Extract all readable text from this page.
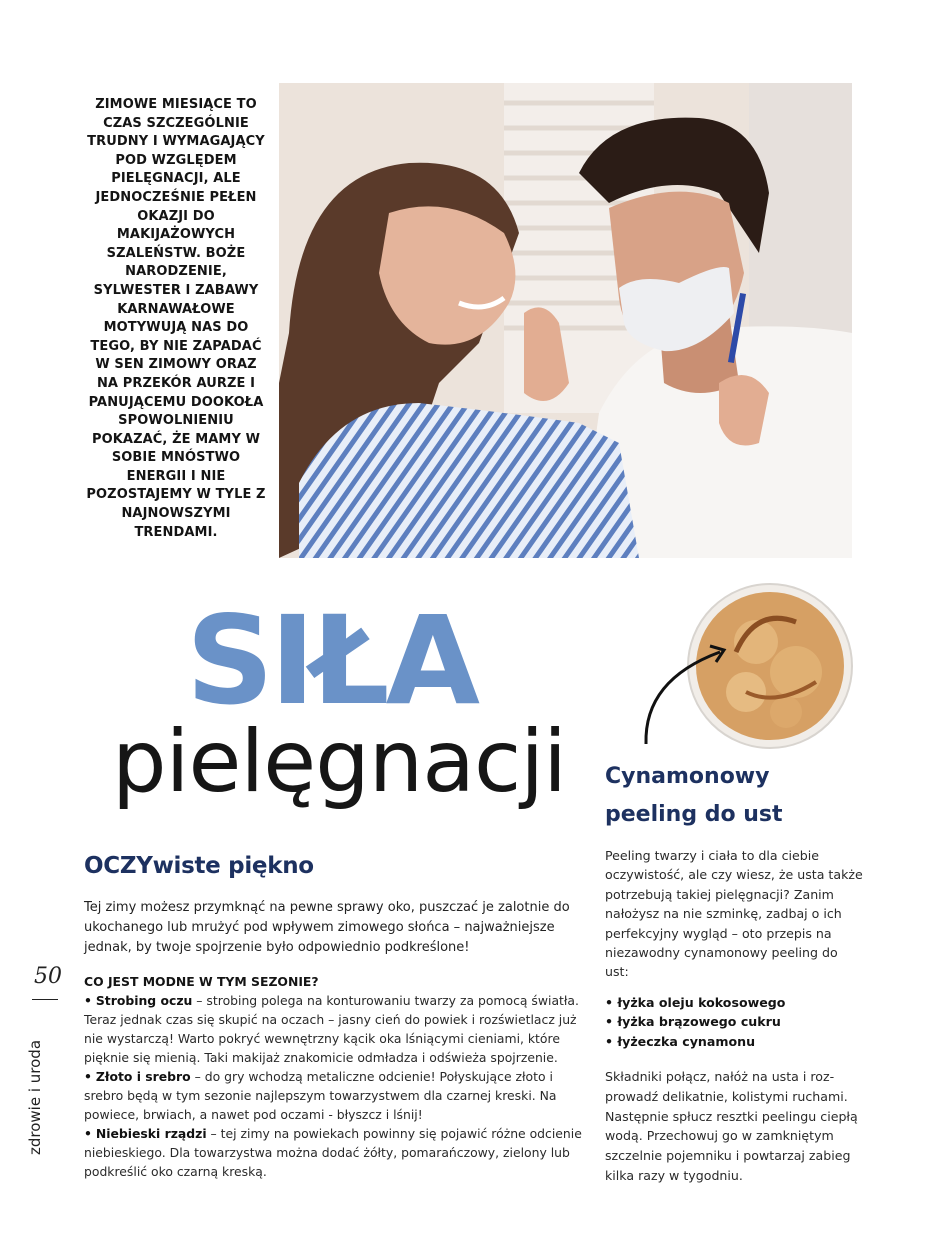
ZIMOWE MIESIĄCE TO CZAS SZCZEGÓLNIE TRUDNY I WYMAGAJĄCY POD WZGLĘDEM PIELĘGNACJI, ALE JEDNOCZEŚNIE PEŁEN OKAZJI DO MAKIJAŻOWYCH SZALEŃSTW. BOŻE NARODZENIE, SYLWESTER I ZABAWY KARNAWAŁOWE MOTYWUJĄ NAS DO TEGO, BY NIE ZAPADAĆ W SEN ZIMOWY ORAZ NA PRZEKÓR AURZE I PANUJĄCEMU DOOKOŁA SPOWOLNIENIU POKAZAĆ, ŻE MAMY W SOBIE MNÓSTWO ENERGII I NIE POZOSTAJEMY W TYLE Z NAJNOWSZYMI TRENDAMI.
SIŁA
pielęgnacji Cynamonowy
peeling do ust
Peeling twarzy i ciała to dla ciebie oczywistość, ale czy wiesz, że usta także potrzebują takiej pielęgnacji? Zanim nałożysz na nie szminkę, zadbaj o ich perfekcyjny wygląd – oto przepis na niezawodny cynamonowy peeling do ust:
• łyżka oleju kokosowego
• łyżka brązowego cukru
• łyżeczka cynamonu
Składniki połącz, nałóż na usta i roz-prowadź delikatnie, kolistymi ruchami. Następnie spłucz resztki peelingu ciepłą wodą. Przechowuj go w zamkniętym szczelnie pojemniku i powtarzaj zabieg kilka razy w tygodniu.
OCZYwiste piękno
Tej zimy możesz przymknąć na pewne sprawy oko, puszczać je zalotnie do ukochanego lub mrużyć pod wpływem zimowego słońca – najważniejsze jednak, by twoje spojrzenie było odpowiednio podkreślone!
CO JEST MODNE W TYM SEZONIE?
• Strobing oczu – strobing polega na konturowaniu twarzy za pomocą światła. Teraz jednak czas się skupić na oczach – jasny cień do powiek i rozświetlacz już nie wystarczą! Warto pokryć wewnętrzny kącik oka lśniącymi cieniami, które pięknie się mienią. Taki makijaż znakomicie odmładza i odświeża spojrzenie.
• Złoto i srebro – do gry wchodzą metaliczne odcienie! Połyskujące złoto i srebro będą w tym sezonie najlepszym towarzystwem dla czarnej kreski. Na powiece, brwiach, a nawet pod oczami - błyszcz i lśnij!
• Niebieski rządzi – tej zimy na powiekach powinny się pojawić różne odcienie niebieskiego. Dla towarzystwa można dodać żółty, pomarańczowy, zielony lub podkreślić oko czarną kreską.
50
zdrowie i uroda
